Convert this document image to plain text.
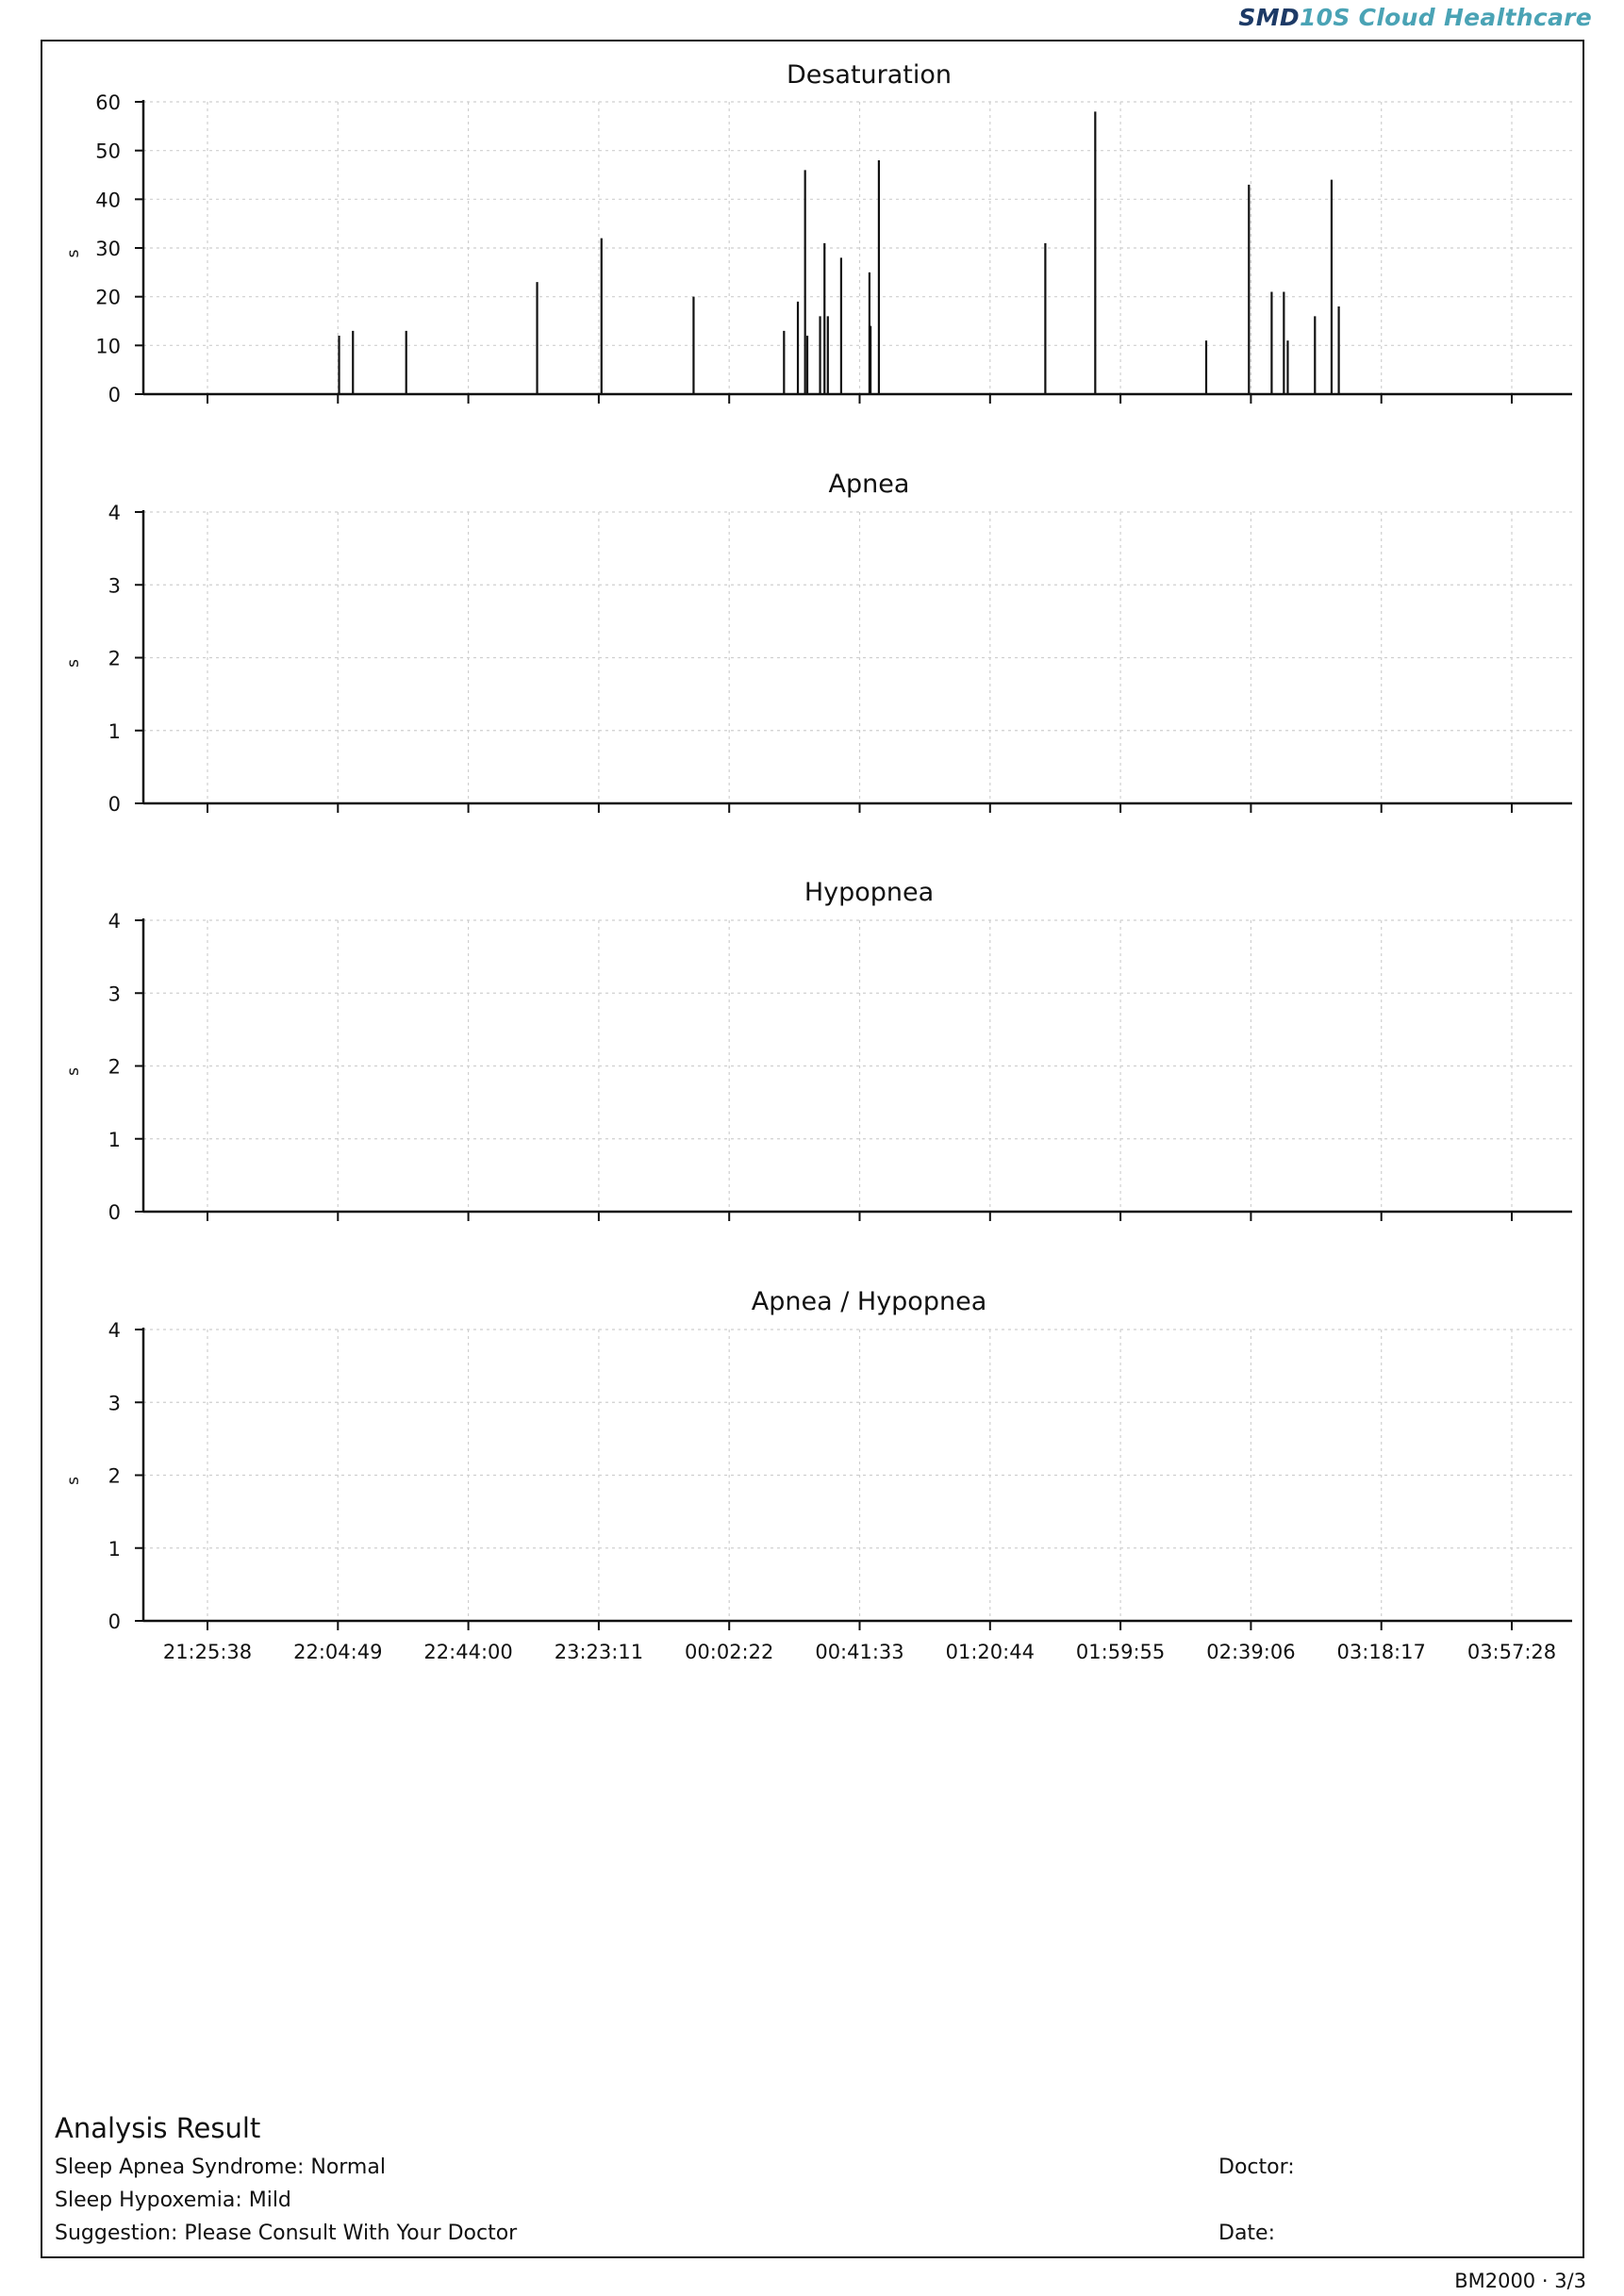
SMD10S Cloud Healthcare
Desaturation
s
0
10
20
30
40
50
60
Apnea
s
0
1
2
3
4
Hypopnea
s
0
1
2
3
4
Apnea / Hypopnea
s
0
1
2
3
4
21:25:38 22:04:49 22:44:00 23:23:11 00:02:22 00:41:33 01:20:44 01:59:55 02:39:06 03:18:17 03:57:28
Analysis Result
Sleep Apnea Syndrome: Normal
Sleep Hypoxemia: Mild
Suggestion: Please Consult With Your Doctor
Doctor:
Date:
BM2000 · 3/3
